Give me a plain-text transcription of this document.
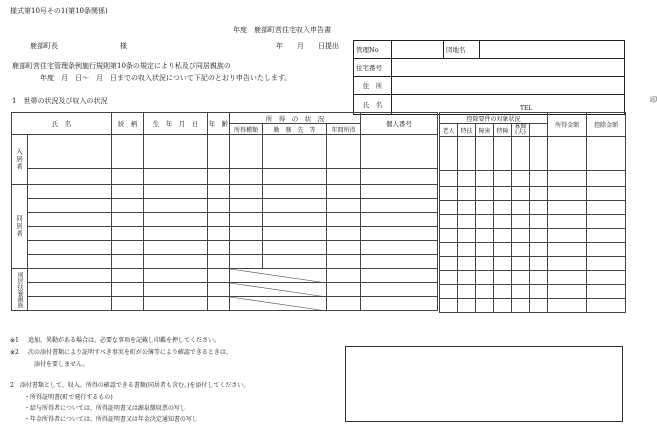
様式第10号その1(第10条関係)
年度　鹿部町営住宅収入申告書
鹿部町長	様	年　　月　　日提出
鹿部町営住宅管理条例施行規則第10条の規定により私及び同居親族の
年度　月　日～　月　日までの収入状況について下記のとおり申告いたします。
1　世帯の状況及び収入の状況
管理No		団地名	
住宅番号			
住　所			
氏　名	TEL
印		
氏　名		続　柄	生　年　月　日	年　齢	所　得　の　状　況			個人番号
					所得種類	勤　務　先　等	年間所得	

入居者								

同居者								

別居扶養親族

控除要件の対象状況						所得金額	控除金額
老人	特扶	障害	特障	寡婦
(夫)			

※1 追加、異動がある場合は、必要な事項を記載し印鑑を押してください。
※2 次の添付書類により証明すべき事実を町が公簿等により確認できるときは、
添付を要しません。
2　添付書類として、収入、所得の確認できる書類(同居者も含む。)を添付してください。
・所得証明書(町で発行するもの)
・給与所得者については、所得証明書又は源泉徴収票の写し
・年金所得者については、所得証明書又は年金決定通知書の写し
